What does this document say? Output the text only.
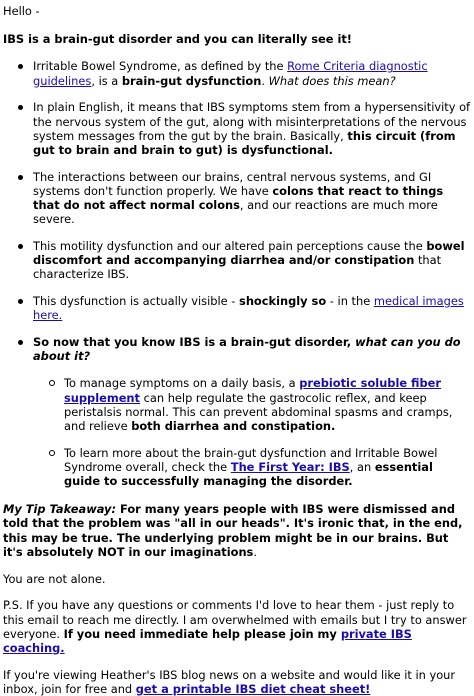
Hello -

IBS is a brain-gut disorder and you can literally see it!

Irritable Bowel Syndrome, as defined by the Rome Criteria diagnostic guidelines, is a brain-gut dysfunction. What does this mean?
In plain English, it means that IBS symptoms stem from a hypersensitivity of the nervous system of the gut, along with misinterpretations of the nervous system messages from the gut by the brain. Basically, this circuit (from gut to brain and brain to gut) is dysfunctional.
The interactions between our brains, central nervous systems, and GI systems don't function properly. We have colons that react to things that do not affect normal colons, and our reactions are much more severe.
This motility dysfunction and our altered pain perceptions cause the bowel discomfort and accompanying diarrhea and/or constipation that characterize IBS.
This dysfunction is actually visible - shockingly so - in the medical images here.
So now that you know IBS is a brain-gut disorder, what can you do about it?
To manage symptoms on a daily basis, a prebiotic soluble fiber supplement can help regulate the gastrocolic reflex, and keep peristalsis normal. This can prevent abdominal spasms and cramps, and relieve both diarrhea and constipation.
To learn more about the brain-gut dysfunction and Irritable Bowel Syndrome overall, check the The First Year: IBS, an essential guide to successfully managing the disorder.

My Tip Takeaway: For many years people with IBS were dismissed and told that the problem was "all in our heads". It's ironic that, in the end, this may be true. The underlying problem might be in our brains. But it's absolutely NOT in our imaginations.

You are not alone.

P.S. If you have any questions or comments I'd love to hear them - just reply to this email to reach me directly. I am overwhelmed with emails but I try to answer everyone. If you need immediate help please join my private IBS coaching.

If you're viewing Heather's IBS blog news on a website and would like it in your inbox, join for free and get a printable IBS diet cheat sheet!
